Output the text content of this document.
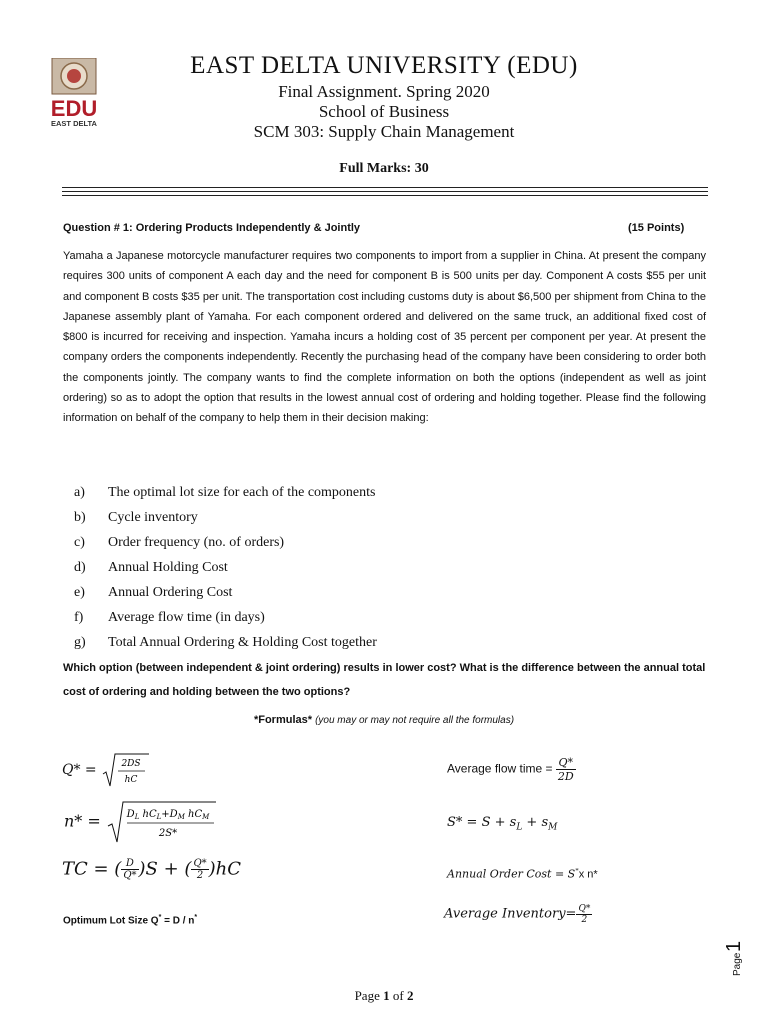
EDU
EAST DELTA
EAST DELTA UNIVERSITY (EDU)
Final Assignment. Spring 2020
School of Business
SCM 303: Supply Chain Management
Full Marks: 30
Question # 1: Ordering Products Independently & Jointly	(15 Points)
Yamaha a Japanese motorcycle manufacturer requires two components to import from a supplier in China. At present the company requires 300 units of component A each day and the need for component B is 500 units per day. Component A costs $55 per unit and component B costs $35 per unit. The transportation cost including customs duty is about $6,500 per shipment from China to the Japanese assembly plant of Yamaha. For each component ordered and delivered on the same truck, an additional fixed cost of $800 is incurred for receiving and inspection. Yamaha incurs a holding cost of 35 percent per component per year. At present the company orders the components independently. Recently the purchasing head of the company have been considering to order both the components jointly. The company wants to find the complete information on both the options (independent as well as joint ordering) so as to adopt the option that results in the lowest annual cost of ordering and holding together. Please find the following information on behalf of the company to help them in their decision making:
a)	The optimal lot size for each of the components
b)	Cycle inventory
c)	Order frequency (no. of orders)
d)	Annual Holding Cost
e)	Annual Ordering Cost
f)	Average flow time (in days)
g)	Total Annual Ordering & Holding Cost together
Which option (between independent & joint ordering) results in lower cost? What is the difference between the annual total cost of ordering and holding between the two options?
*Formulas* (you may or may not require all the formulas)
Q* = 2DS
hC
Average flow time = $\frac{Q*}{2D}$
$n* = D_L$ $hC_L+D_M$ $hC_M$
2S*
$S* = S + s_L + s_M$
TC = ( $\frac{D}{Q*} )S$ + ( $\frac{Q*}{2} )hC$	Annual Order Cost = S*x n*
Optimum Lot Size Q* = D / n*	Average Inventory= $\frac{Q*}{2}$
Page 1 of 2
Page
1
